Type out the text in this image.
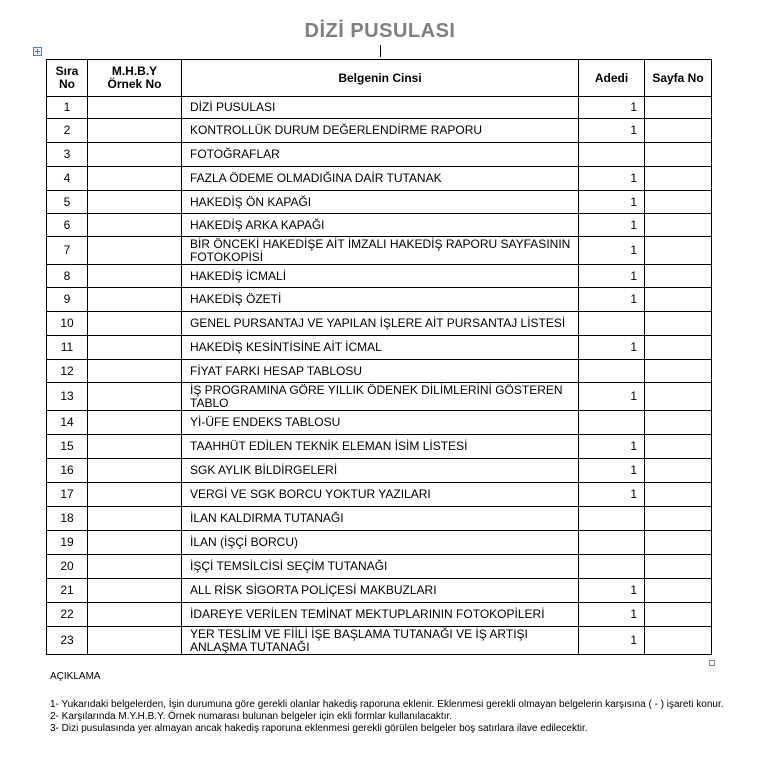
DİZİ PUSULASI
Sıra No	M.H.B.Y Örnek No	Belgenin Cinsi	Adedi	Sayfa No
1		DİZİ PUSULASI	1	
2		KONTROLLÜK DURUM DEĞERLENDİRME RAPORU	1	
3		FOTOĞRAFLAR		
4		FAZLA ÖDEME OLMADIĞINA DAİR TUTANAK	1	
5		HAKEDİŞ ÖN KAPAĞI	1	
6		HAKEDİŞ ARKA KAPAĞI	1	
7		BİR ÖNCEKİ HAKEDİŞE AİT İMZALI HAKEDİŞ RAPORU SAYFASININ FOTOKOPİSİ	1	
8		HAKEDİŞ İCMALİ	1	
9		HAKEDİŞ ÖZETİ	1	
10		GENEL PURSANTAJ VE YAPILAN İŞLERE AİT PURSANTAJ LİSTESİ		
11		HAKEDİŞ KESİNTİSİNE AİT İCMAL	1	
12		FİYAT FARKI HESAP TABLOSU		
13		İŞ PROGRAMINA GÖRE YILLIK ÖDENEK DİLİMLERİNİ GÖSTEREN TABLO	1	
14		Yİ-ÜFE ENDEKS TABLOSU		
15		TAAHHÜT EDİLEN TEKNİK ELEMAN İSİM LİSTESİ	1	
16		SGK AYLIK BİLDİRGELERİ	1	
17		VERGİ VE SGK BORCU YOKTUR YAZILARI	1	
18		İLAN KALDIRMA TUTANAĞI		
19		İLAN (İŞÇİ BORCU)		
20		İŞÇİ TEMSİLCİSİ SEÇİM TUTANAĞI		
21		ALL RİSK SİGORTA POLİÇESİ MAKBUZLARI	1	
22		İDAREYE VERİLEN TEMİNAT MEKTUPLARININ FOTOKOPİLERİ	1	
23		YER TESLİM VE FİİLİ İŞE BAŞLAMA TUTANAĞI VE İŞ ARTIŞI ANLAŞMA TUTANAĞI	1	
AÇIKLAMA
1- Yukarıdaki belgelerden, İşin durumuna göre gerekli olanlar hakediş raporuna eklenir. Eklenmesi gerekli olmayan belgelerin karşısına ( - ) işareti konur.
2- Karşılarında M.Y.H.B.Y. Örnek numarası bulunan belgeler için ekli formlar kullanılacaktır.
3- Dizi pusulasında yer almayan ancak hakediş raporuna eklenmesi gerekli görülen belgeler boş satırlara ilave edilecektir.
